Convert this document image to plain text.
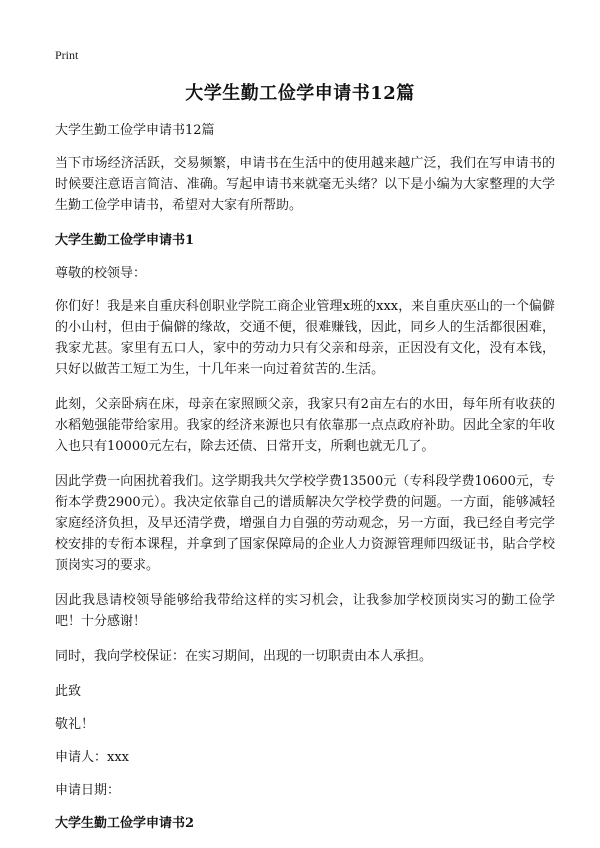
Print
大学生勤工俭学申请书12篇

大学生勤工俭学申请书12篇

当下市场经济活跃，交易频繁，申请书在生活中的使用越来越广泛，我们在写申请书的时候要注意语言简洁、准确。写起申请书来就毫无头绪？以下是小编为大家整理的大学生勤工俭学申请书，希望对大家有所帮助。

大学生勤工俭学申请书1

尊敬的校领导：

你们好！我是来自重庆科创职业学院工商企业管理x班的xxx，来自重庆巫山的一个偏僻的小山村，但由于偏僻的缘故，交通不便，很难赚钱，因此，同乡人的生活都很困难，我家尤甚。家里有五口人，家中的劳动力只有父亲和母亲，正因没有文化，没有本钱，只好以做苦工短工为生，十几年来一向过着贫苦的.生活。

此刻，父亲卧病在床，母亲在家照顾父亲，我家只有2亩左右的水田，每年所有收获的水稻勉强能带给家用。我家的经济来源也只有依靠那一点点政府补助。因此全家的年收入也只有10000元左右，除去还债、日常开支，所剩也就无几了。

因此学费一向困扰着我们。这学期我共欠学校学费13500元（专科段学费10600元，专衔本学费2900元）。我决定依靠自己的谱质解决欠学校学费的问题。一方面，能够减轻家庭经济负担，及早还清学费，增强自力自强的劳动观念，另一方面，我已经自考完学校安排的专衔本课程，并拿到了国家保障局的企业人力资源管理师四级证书，貼合学校顶岗实习的要求。

因此我恳请校领导能够给我带给这样的实习机会，让我参加学校顶岗实习的勤工俭学吧！十分感谢！

同时，我向学校保证：在实习期间，出现的一切职责由本人承担。

此致

敬礼！

申请人：xxx

申请日期：

大学生勤工俭学申请书2
